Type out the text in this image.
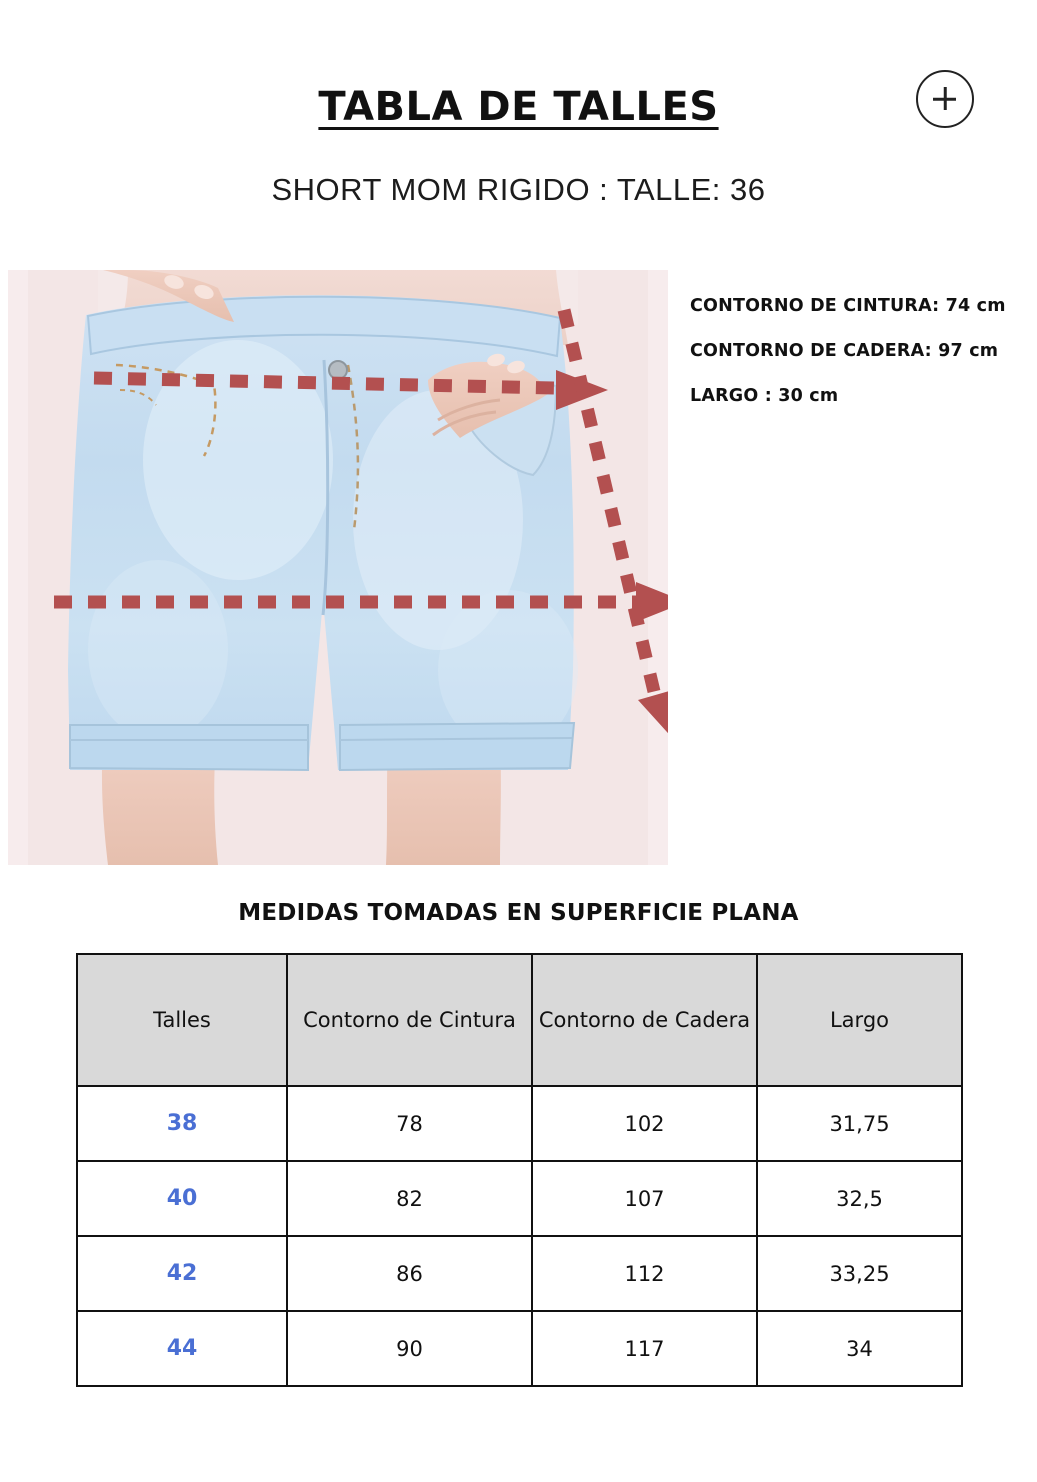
TABLA DE TALLES
SHORT MOM RIGIDO : TALLE: 36
CONTORNO DE CINTURA: 74 cm
CONTORNO DE CADERA: 97 cm
LARGO : 30 cm
MEDIDAS TOMADAS EN SUPERFICIE PLANA
Talles	Contorno de Cintura	Contorno de Cadera	Largo
38	78	102	31,75
40	82	107	32,5
42	86	112	33,25
44	90	117	34
